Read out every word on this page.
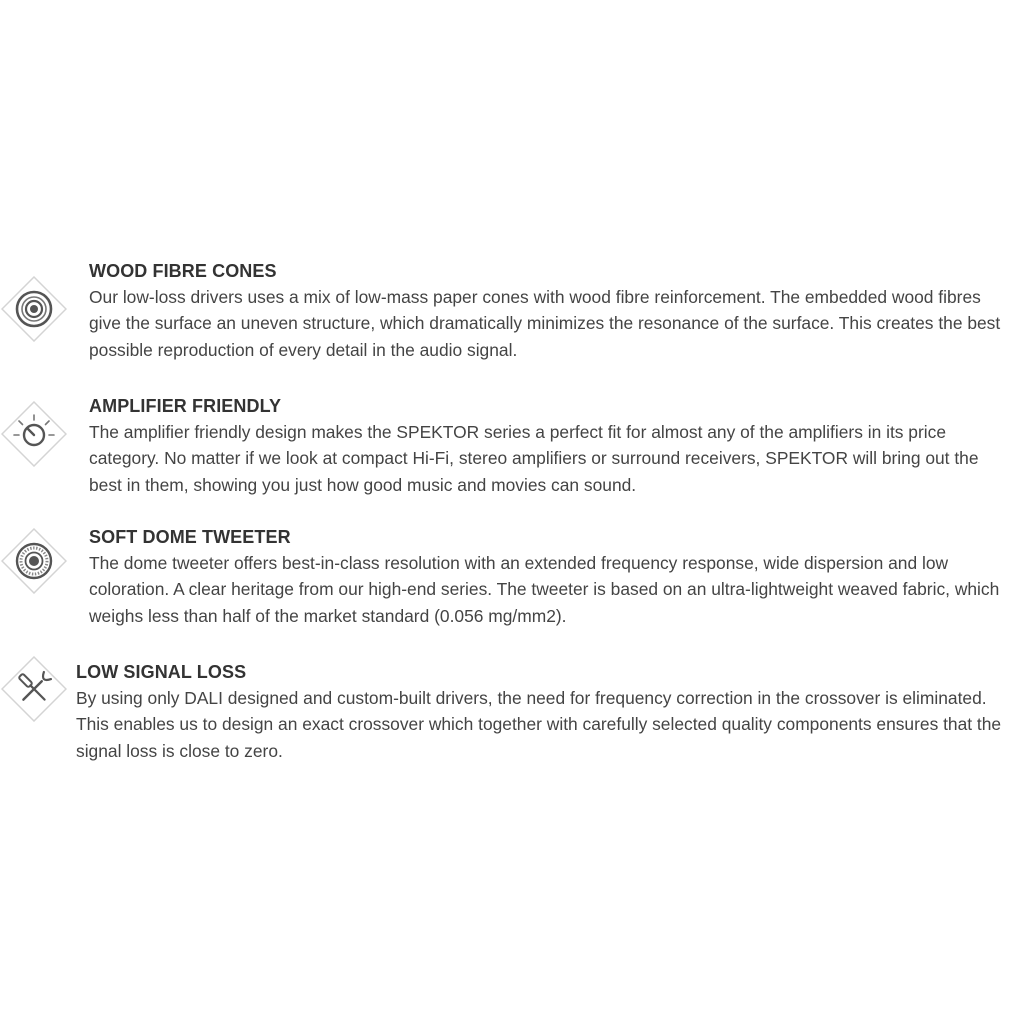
WOOD FIBRE CONES

Our low-loss drivers uses a mix of low-mass paper cones with wood fibre reinforcement. The embedded wood fibres give the surface an uneven structure, which dramatically minimizes the resonance of the surface. This creates the best possible reproduction of every detail in the audio signal.

AMPLIFIER FRIENDLY

The amplifier friendly design makes the SPEKTOR series a perfect fit for almost any of the amplifiers in its price category. No matter if we look at compact Hi-Fi, stereo amplifiers or surround receivers, SPEKTOR will bring out the best in them, showing you just how good music and movies can sound.

SOFT DOME TWEETER

The dome tweeter offers best-in-class resolution with an extended frequency response, wide dispersion and low coloration. A clear heritage from our high-end series. The tweeter is based on an ultra-lightweight weaved fabric, which weighs less than half of the market standard (0.056 mg/mm2).

LOW SIGNAL LOSS

By using only DALI designed and custom-built drivers, the need for frequency correction in the crossover is eliminated. This enables us to design an exact crossover which together with carefully selected quality components ensures that the signal loss is close to zero.
